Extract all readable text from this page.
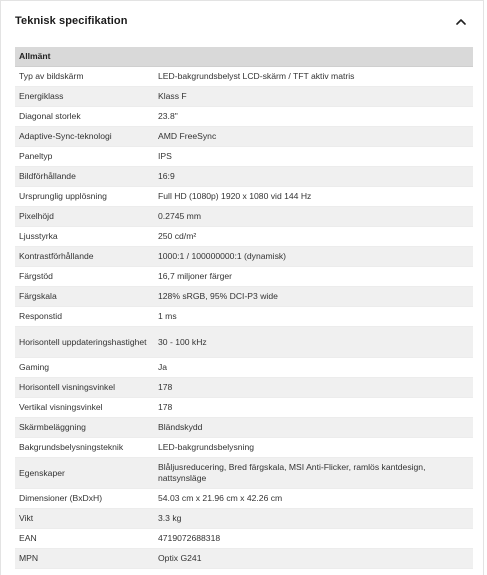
Teknisk specifikation
Allmänt	
Typ av bildskärm	LED-bakgrundsbelyst LCD-skärm / TFT aktiv matris
Energiklass	Klass F
Diagonal storlek	23.8"
Adaptive-Sync-teknologi	AMD FreeSync
Paneltyp	IPS
Bildförhållande	16:9
Ursprunglig upplösning	Full HD (1080p) 1920 x 1080 vid 144 Hz
Pixelhöjd	0.2745 mm
Ljusstyrka	250 cd/m²
Kontrastförhållande	1000:1 / 100000000:1 (dynamisk)
Färgstöd	16,7 miljoner färger
Färgskala	128% sRGB, 95% DCI-P3 wide
Responstid	1 ms
Horisontell uppdateringshastighet	30 - 100 kHz
Gaming	Ja
Horisontell visningsvinkel	178
Vertikal visningsvinkel	178
Skärmbeläggning	Bländskydd
Bakgrundsbelysningsteknik	LED-bakgrundsbelysning
Egenskaper	Blåljusreducering, Bred färgskala, MSI Anti-Flicker, ramlös kantdesign, nattsynsläge
Dimensioner (BxDxH)	54.03 cm x 21.96 cm x 42.26 cm
Vikt	3.3 kg
EAN	4719072688318
MPN	Optix G241
